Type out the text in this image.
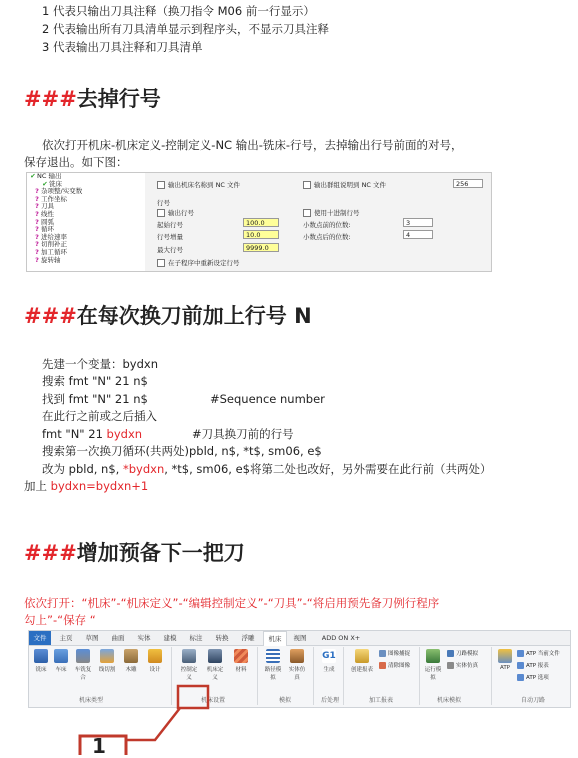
1 代表只输出刀具注释（换刀指令 M06 前一行显示）
2 代表输出所有刀具清单显示到程序头，不显示刀具注释
3 代表输出刀具注释和刀具清单
###去掉行号
依次打开机床-机床定义-控制定义-NC 输出-铣床-行号，去掉输出行号前面的对号，
保存退出。如下图：
✔NC 输出
✔铣床
? 杂项整/实变数
? 工作坐标
? 刀具
? 线性
? 圆弧
? 循环
? 进给速率
? 切削补正
? 加工循环
? 旋转轴
输出机床名称到 NC 文件	输出群组说明到 NC 文件	256
行号
输出行号	使用十进制行号
起始行号	100.0	小数点前的位数:	3
行号增量	10.0	小数点后的位数:	4
最大行号	9999.0
在子程序中重新设定行号
###在每次换刀前加上行号 N
先建一个变量：bydxn
搜索 fmt "N" 21 n$
找到 fmt "N" 21 n$	#Sequence number
在此行之前或之后插入
fmt "N" 21 bydxn	#刀具换刀前的行号
搜索第一次换刀循环(共两处)pbld, n$, *t$, sm06, e$
改为 pbld, n$, *bydxn, *t$, sm06, e$将第二处也改好，另外需要在此行前（共两处）
加上 bydxn=bydxn+1
###增加预备下一把刀
依次打开：“机床”-“机床定义”-“编辑控制定义”-“刀具”-“将启用预先备刀例行程序
勾上”-“保存 “
文件	主页	草图	曲面	实体	建模	标注	转换	浮雕	机床	视图	ADD ON X+
铣床	车床	车铣复合
线切割	木雕	设计	控制定义
机床定义
材料	路径模拟
实体仿真
G1
生成	创建报表
图像捕捉
清除图像
运行模拟
刀路模拟
实体仿真	ATP
ATP 当前文件
ATP 报表
ATP 选项
机床类型	机床设置	模拟	后处理	加工报表	机床模拟	自动刀路
1
